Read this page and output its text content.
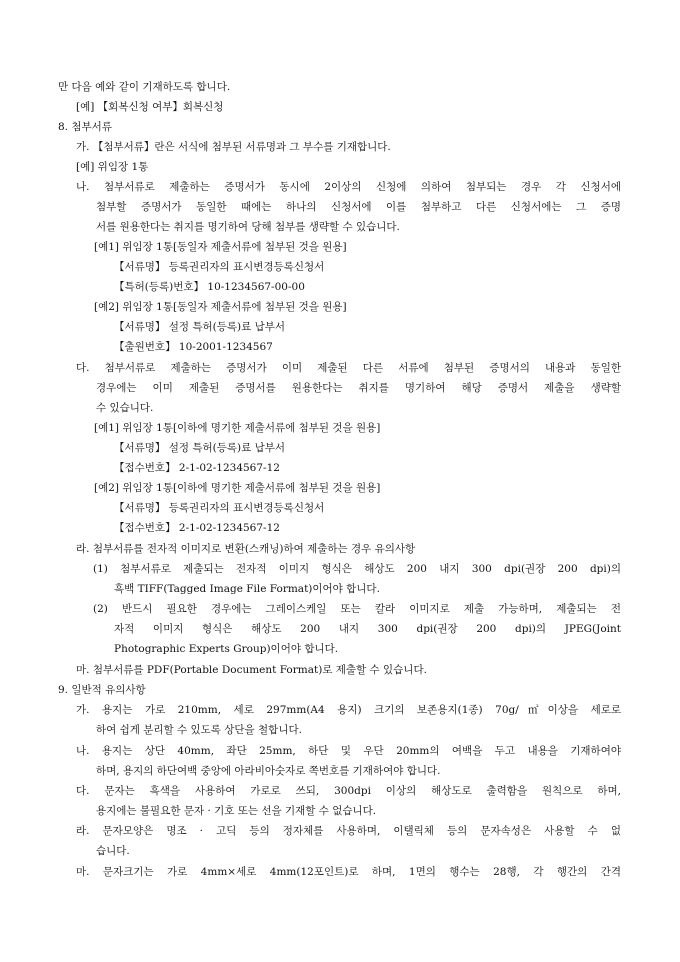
만 다음 예와 같이 기재하도록 합니다.
[예] 【회복신청 여부】회복신청
8. 첨부서류
가. 【첨부서류】란은 서식에 첨부된 서류명과 그 부수를 기재합니다.
[예] 위임장 1통
나. 첨부서류로 제출하는 증명서가 동시에 2이상의 신청에 의하여 첨부되는 경우 각 신청서에
첨부할 증명서가 동일한 때에는 하나의 신청서에 이를 첨부하고 다른 신청서에는 그 증명
서를 원용한다는 취지를 명기하여 당해 첨부를 생략할 수 있습니다.
[예1] 위임장 1통[동일자 제출서류에 첨부된 것을 원용]
【서류명】 등록권리자의 표시변경등록신청서
【특허(등록)번호】 10-1234567-00-00
[예2] 위임장 1통[동일자 제출서류에 첨부된 것을 원용]
【서류명】 설정 특허(등록)료 납부서
【출원번호】 10-2001-1234567
다. 첨부서류로 제출하는 증명서가 이미 제출된 다른 서류에 첨부된 증명서의 내용과 동일한
경우에는 이미 제출된 증명서를 원용한다는 취지를 명기하여 해당 증명서 제출을 생략할
수 있습니다.
[예1] 위임장 1통[이하에 명기한 제출서류에 첨부된 것을 원용]
【서류명】 설정 특허(등록)료 납부서
【접수번호】 2-1-02-1234567-12
[예2] 위임장 1통[이하에 명기한 제출서류에 첨부된 것을 원용]
【서류명】 등록권리자의 표시변경등록신청서
【접수번호】 2-1-02-1234567-12
라. 첨부서류를 전자적 이미지로 변환(스캐닝)하여 제출하는 경우 유의사항
(1) 첨부서류로 제출되는 전자적 이미지 형식은 해상도 200 내지 300 dpi(권장 200 dpi)의
흑백 TIFF(Tagged Image File Format)이어야 합니다.
(2) 반드시 필요한 경우에는 그레이스케일 또는 칼라 이미지로 제출 가능하며, 제출되는 전
자적 이미지 형식은 해상도 200 내지 300 dpi(권장 200 dpi)의 JPEG(Joint
Photographic Experts Group)이어야 합니다.
마. 첨부서류를 PDF(Portable Document Format)로 제출할 수 있습니다.
9. 일반적 유의사항
가. 용지는 가로 210mm, 세로 297mm(A4 용지) 크기의 보존용지(1종) 70g/㎡이상을 세로로
하여 쉽게 분리할 수 있도록 상단을 철합니다.
나. 용지는 상단 40mm, 좌단 25mm, 하단 및 우단 20mm의 여백을 두고 내용을 기재하여야
하며, 용지의 하단여백 중앙에 아라비아숫자로 쪽번호를 기재하여야 합니다.
다. 문자는 흑색을 사용하여 가로로 쓰되, 300dpi 이상의 해상도로 출력함을 원칙으로 하며,
용지에는 불필요한 문자 · 기호 또는 선을 기재할 수 없습니다.
라. 문자모양은 명조 · 고딕 등의 정자체를 사용하며, 이탤릭체 등의 문자속성은 사용할 수 없
습니다.
마. 문자크기는 가로 4mm×세로 4mm(12포인트)로 하며, 1면의 행수는 28행, 각 행간의 간격
